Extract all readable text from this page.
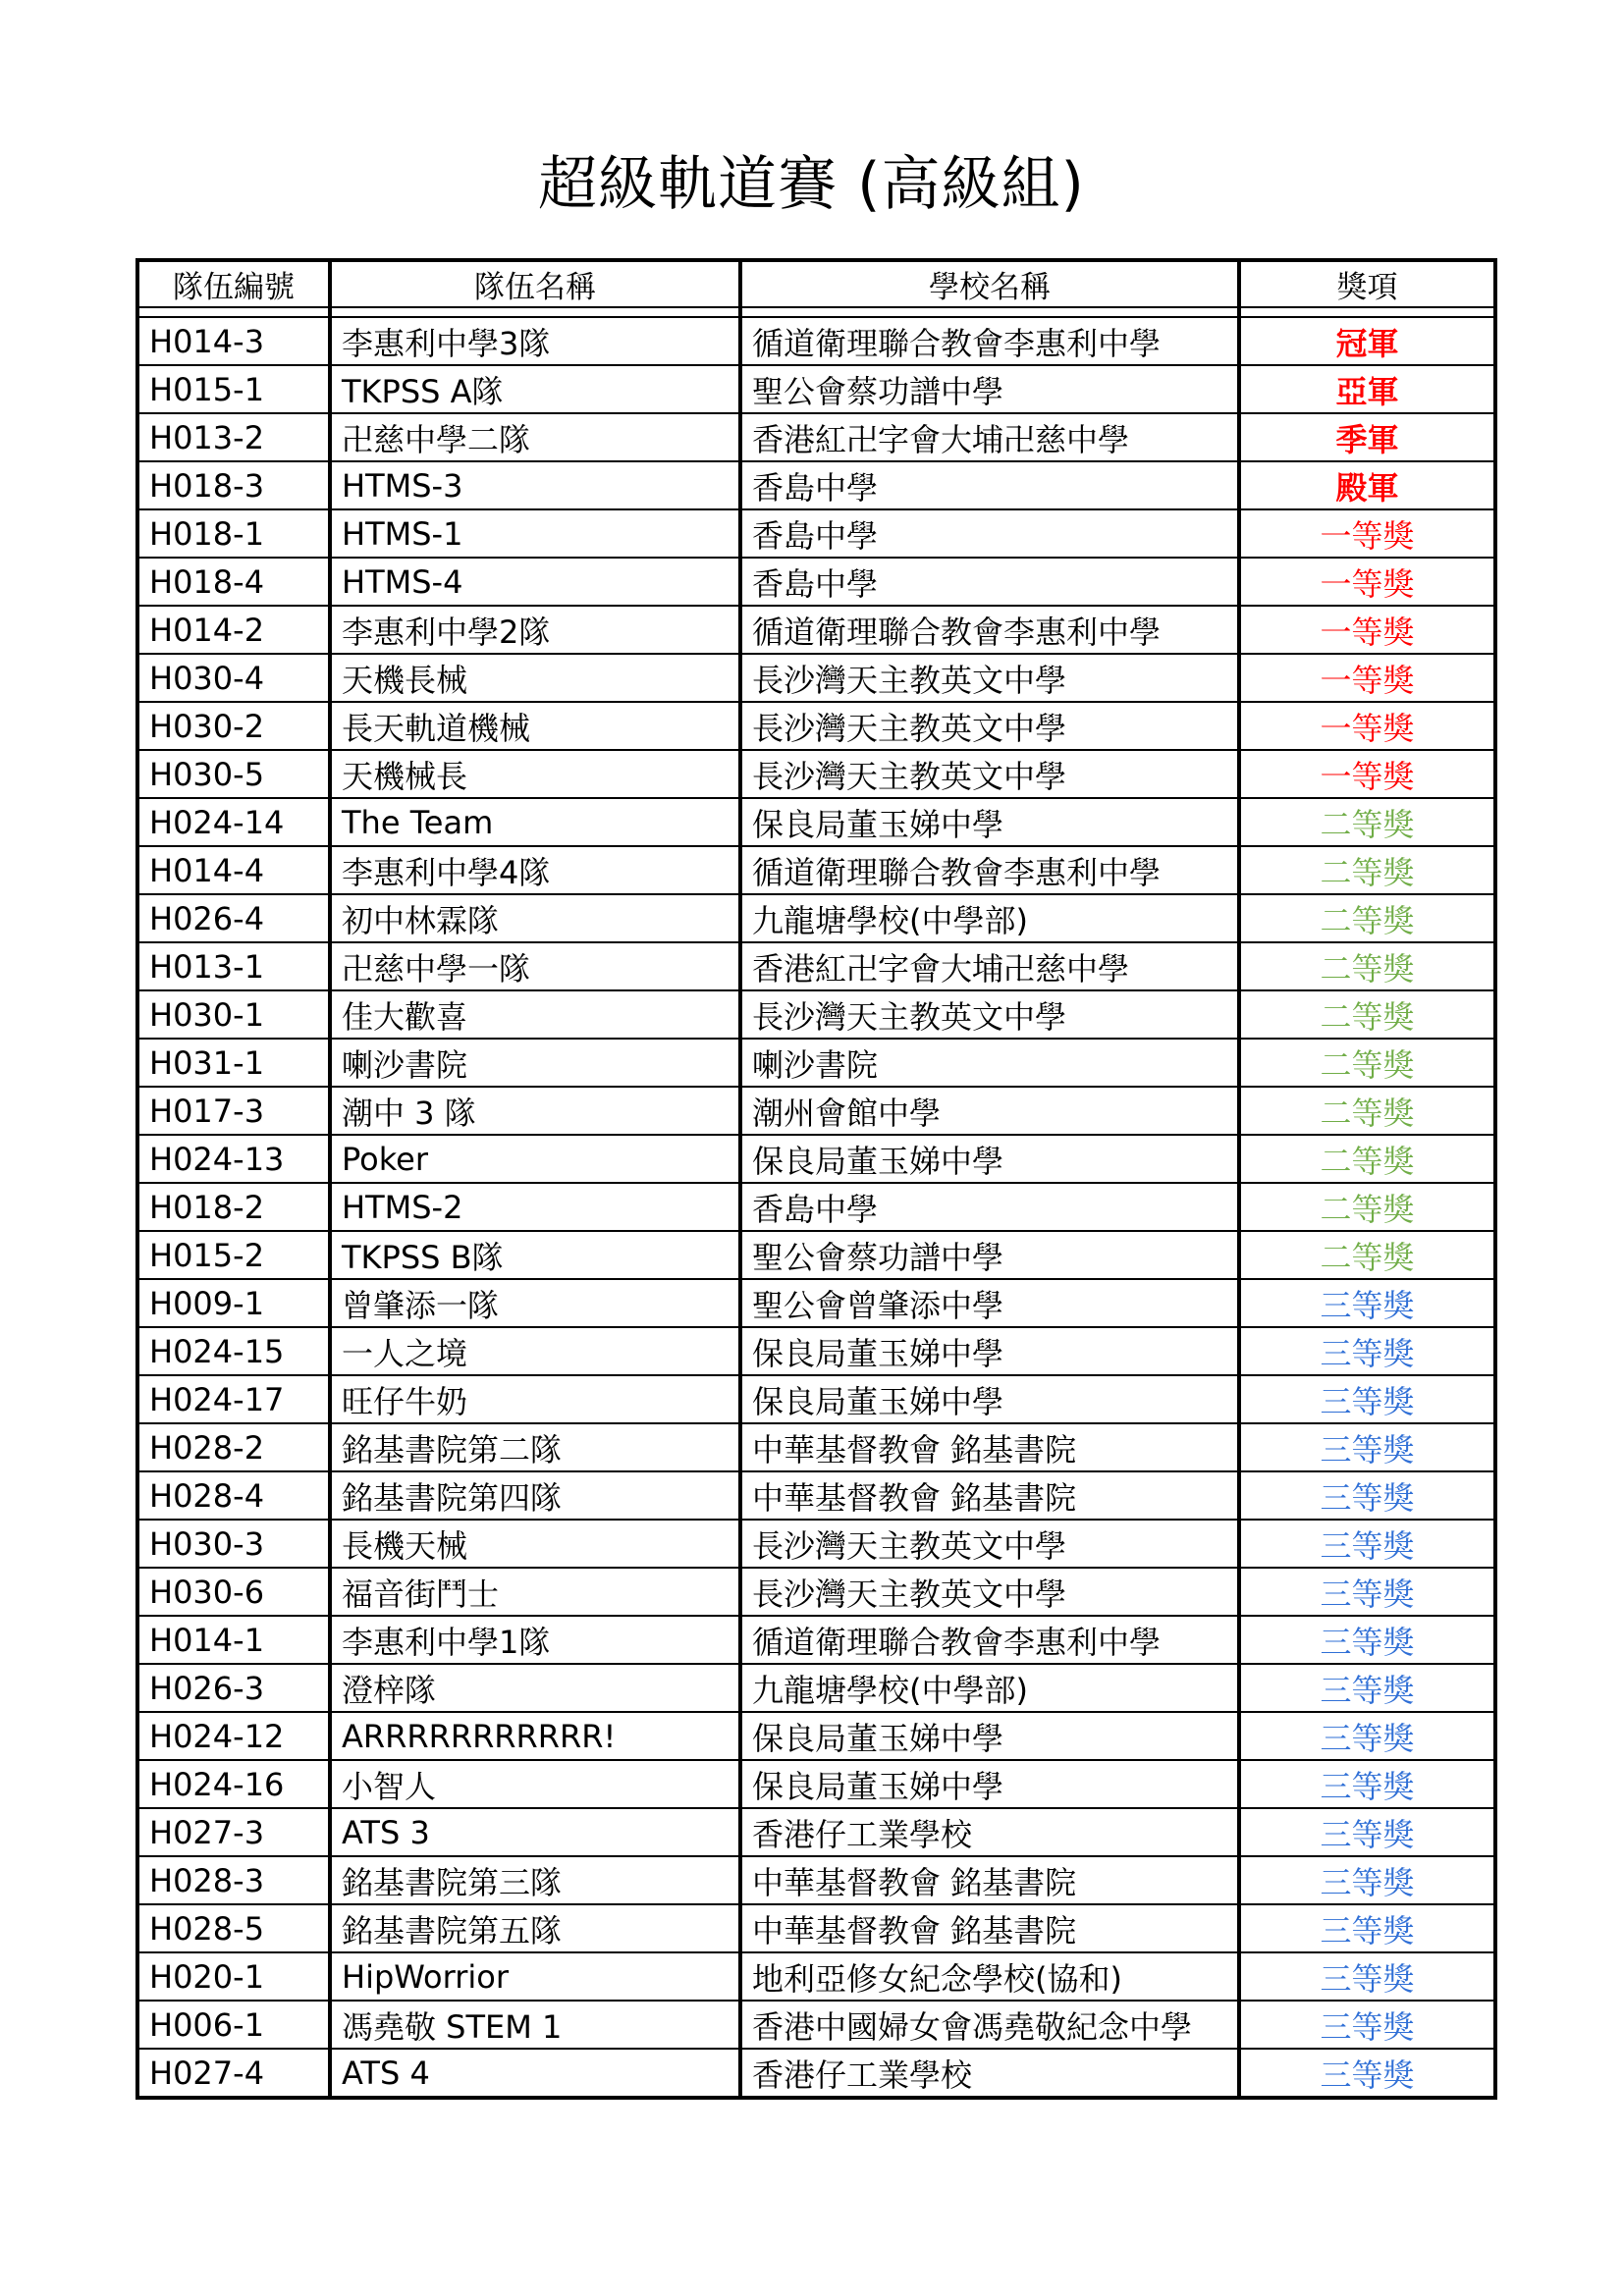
超級軌道賽 (高級組)
隊伍編號	隊伍名稱	學校名稱	獎項

H014-3	李惠利中學3隊	循道衛理聯合教會李惠利中學	冠軍
H015-1	TKPSS A隊	聖公會蔡功譜中學	亞軍
H013-2	卍慈中學二隊	香港紅卍字會大埔卍慈中學	季軍
H018-3	HTMS-3	香島中學	殿軍
H018-1	HTMS-1	香島中學	一等獎
H018-4	HTMS-4	香島中學	一等獎
H014-2	李惠利中學2隊	循道衛理聯合教會李惠利中學	一等獎
H030-4	天機長械	長沙灣天主教英文中學	一等獎
H030-2	長天軌道機械	長沙灣天主教英文中學	一等獎
H030-5	天機械長	長沙灣天主教英文中學	一等獎
H024-14	The Team	保良局董玉娣中學	二等獎
H014-4	李惠利中學4隊	循道衛理聯合教會李惠利中學	二等獎
H026-4	初中林霖隊	九龍塘學校(中學部)	二等獎
H013-1	卍慈中學一隊	香港紅卍字會大埔卍慈中學	二等獎
H030-1	佳大歡喜	長沙灣天主教英文中學	二等獎
H031-1	喇沙書院	喇沙書院	二等獎
H017-3	潮中 3 隊	潮州會館中學	二等獎
H024-13	Poker	保良局董玉娣中學	二等獎
H018-2	HTMS-2	香島中學	二等獎
H015-2	TKPSS B隊	聖公會蔡功譜中學	二等獎
H009-1	曾肇添一隊	聖公會曾肇添中學	三等獎
H024-15	一人之境	保良局董玉娣中學	三等獎
H024-17	旺仔牛奶	保良局董玉娣中學	三等獎
H028-2	銘基書院第二隊	中華基督教會 銘基書院	三等獎
H028-4	銘基書院第四隊	中華基督教會 銘基書院	三等獎
H030-3	長機天械	長沙灣天主教英文中學	三等獎
H030-6	福音街鬥士	長沙灣天主教英文中學	三等獎
H014-1	李惠利中學1隊	循道衛理聯合教會李惠利中學	三等獎
H026-3	澄梓隊	九龍塘學校(中學部)	三等獎
H024-12	ARRRRRRRRRRR!	保良局董玉娣中學	三等獎
H024-16	小智人	保良局董玉娣中學	三等獎
H027-3	ATS 3	香港仔工業學校	三等獎
H028-3	銘基書院第三隊	中華基督教會 銘基書院	三等獎
H028-5	銘基書院第五隊	中華基督教會 銘基書院	三等獎
H020-1	HipWorrior	地利亞修女紀念學校(協和)	三等獎
H006-1	馮堯敬 STEM 1	香港中國婦女會馮堯敬紀念中學	三等獎
H027-4	ATS 4	香港仔工業學校	三等獎
